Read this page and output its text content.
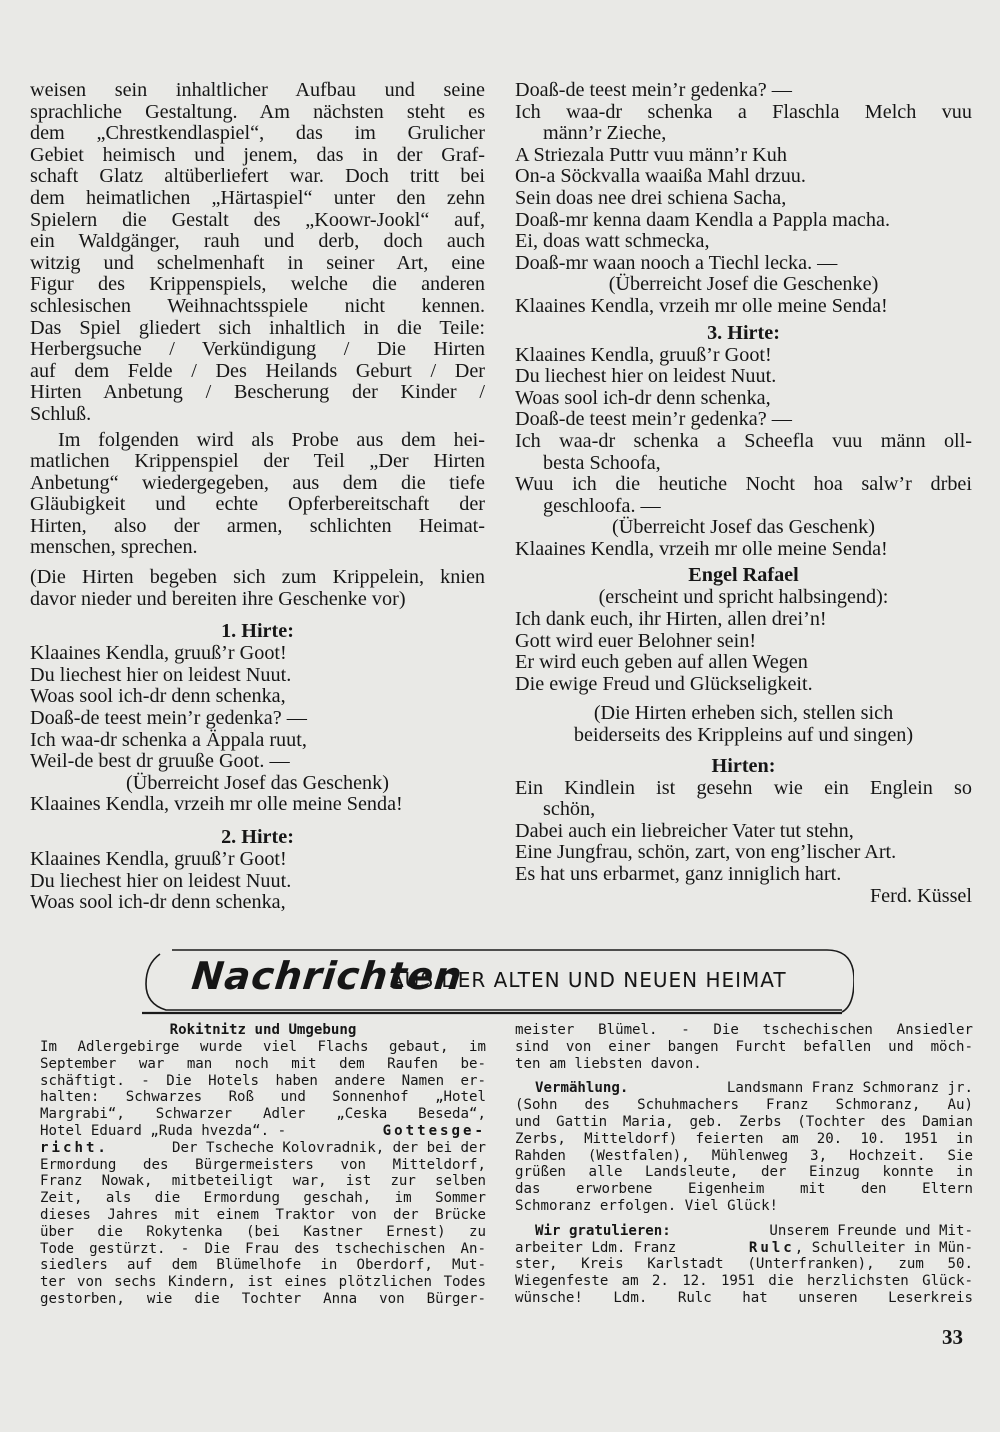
weisen sein inhaltlicher Aufbau und seine
sprachliche Gestaltung. Am nächsten steht es
dem „Chrestkendlaspiel“, das im Grulicher
Gebiet heimisch und jenem, das in der Graf-
schaft Glatz altüberliefert war. Doch tritt bei
dem heimatlichen „Härtaspiel“ unter den zehn
Spielern die Gestalt des „Koowr-Jookl“ auf,
ein Waldgänger, rauh und derb, doch auch
witzig und schelmenhaft in seiner Art, eine
Figur des Krippenspiels, welche die anderen
schlesischen Weihnachtsspiele nicht kennen.
Das Spiel gliedert sich inhaltlich in die Teile:
Herbergsuche / Verkündigung / Die Hirten
auf dem Felde / Des Heilands Geburt / Der
Hirten Anbetung / Bescherung der Kinder /
Schluß.
Im folgenden wird als Probe aus dem hei-
matlichen Krippenspiel der Teil „Der Hirten
Anbetung“ wiedergegeben, aus dem die tiefe
Gläubigkeit und echte Opferbereitschaft der
Hirten, also der armen, schlichten Heimat-
menschen, sprechen.
(Die Hirten begeben sich zum Krippelein, knien
davor nieder und bereiten ihre Geschenke vor)
1. Hirte:
Klaaines Kendla, gruuß’r Goot!
Du liechest hier on leidest Nuut.
Woas sool ich-dr denn schenka,
Doaß-de teest mein’r gedenka? —
Ich waa-dr schenka a Äppala ruut,
Weil-de best dr gruuße Goot. —
(Überreicht Josef das Geschenk)
Klaaines Kendla, vrzeih mr olle meine Senda!
2. Hirte:
Klaaines Kendla, gruuß’r Goot!
Du liechest hier on leidest Nuut.
Woas sool ich-dr denn schenka,
Doaß-de teest mein’r gedenka? —
Ich waa-dr schenka a Flaschla Melch vuu
männ’r Zieche,
A Striezala Puttr vuu männ’r Kuh
On-a Söckvalla waaißa Mahl drzuu.
Sein doas nee drei schiena Sacha,
Doaß-mr kenna daam Kendla a Pappla macha.
Ei, doas watt schmecka,
Doaß-mr waan nooch a Tiechl lecka. —
(Überreicht Josef die Geschenke)
Klaaines Kendla, vrzeih mr olle meine Senda!
3. Hirte:
Klaaines Kendla, gruuß’r Goot!
Du liechest hier on leidest Nuut.
Woas sool ich-dr denn schenka,
Doaß-de teest mein’r gedenka? —
Ich waa-dr schenka a Scheefla vuu männ oll-
besta Schoofa,
Wuu ich die heutiche Nocht hoa salw’r drbei
geschloofa. —
(Überreicht Josef das Geschenk)
Klaaines Kendla, vrzeih mr olle meine Senda!
Engel Rafael
(erscheint und spricht halbsingend):
Ich dank euch, ihr Hirten, allen drei’n!
Gott wird euer Belohner sein!
Er wird euch geben auf allen Wegen
Die ewige Freud und Glückseligkeit.
(Die Hirten erheben sich, stellen sich
beiderseits des Krippleins auf und singen)
Hirten:
Ein Kindlein ist gesehn wie ein Englein so
schön,
Dabei auch ein liebreicher Vater tut stehn,
Eine Jungfrau, schön, zart, von eng’lischer Art.
Es hat uns erbarmet, ganz inniglich hart.
Ferd. Küssel
Nachrichten
AUS DER ALTEN UND NEUEN HEIMAT
Rokitnitz und Umgebung
Im Adlergebirge wurde viel Flachs gebaut, im
September war man noch mit dem Raufen be-
schäftigt. - Die Hotels haben andere Namen er-
halten: Schwarzes Roß und Sonnenhof „Hotel
Margrabi“, Schwarzer Adler „Ceska Beseda“,
Hotel Eduard „Ruda hvezda“. -	Gottesge-
richt.	Der Tscheche Kolovradnik, der bei der
Ermordung des Bürgermeisters von Mitteldorf,
Franz Nowak, mitbeteiligt war, ist zur selben
Zeit, als die Ermordung geschah, im Sommer
dieses Jahres mit einem Traktor von der Brücke
über die Rokytenka (bei Kastner Ernest) zu
Tode gestürzt. - Die Frau des tschechischen An-
siedlers auf dem Blümelhofe in Oberdorf, Mut-
ter von sechs Kindern, ist eines plötzlichen Todes
gestorben, wie die Tochter Anna von Bürger-
meister Blümel. - Die tschechischen Ansiedler
sind von einer bangen Furcht befallen und möch-
ten am liebsten davon.
Vermählung.	Landsmann Franz Schmoranz jr.
(Sohn des Schuhmachers Franz Schmoranz, Au)
und Gattin Maria, geb. Zerbs (Tochter des Damian
Zerbs, Mitteldorf) feierten am 20. 10. 1951 in
Rahden (Westfalen), Mühlenweg 3, Hochzeit. Sie
grüßen alle Landsleute, der Einzug konnte in
das erworbene Eigenheim mit den Eltern
Schmoranz erfolgen. Viel Glück!
Wir gratulieren:	Unserem Freunde und Mit-
arbeiter Ldm. Franz	Rulc, Schulleiter in Mün-
ster, Kreis Karlstadt (Unterfranken), zum 50.
Wiegenfeste am 2. 12. 1951 die herzlichsten Glück-
wünsche! Ldm. Rulc hat unseren Leserkreis
33
